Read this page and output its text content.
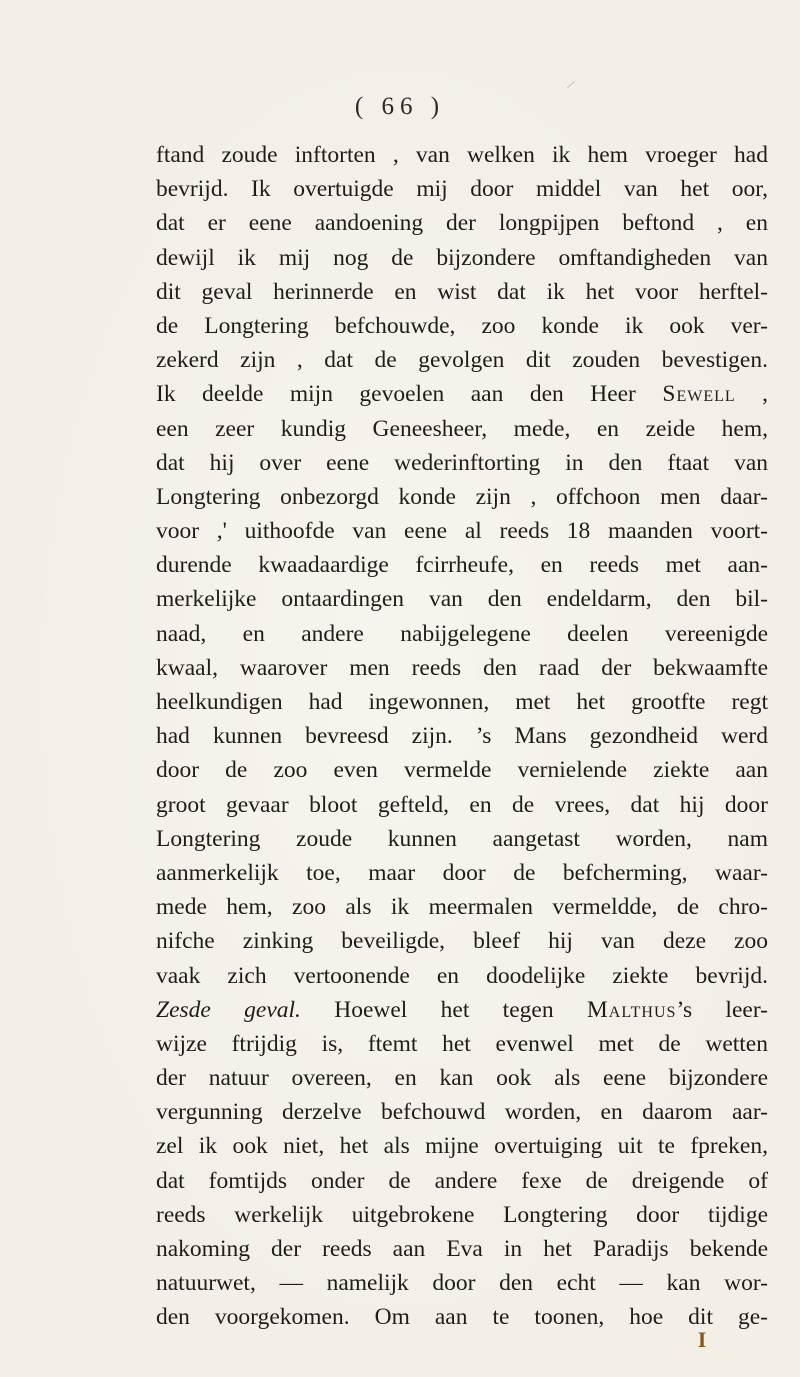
( 66 )
ftand zoude inftorten , van welken ik hem vroeger had
bevrijd. Ik overtuigde mij door middel van het oor,
dat er eene aandoening der longpijpen beftond , en
dewijl ik mij nog de bijzondere omftandigheden van
dit geval herinnerde en wist dat ik het voor herftel-
de Longtering befchouwde, zoo konde ik ook ver-
zekerd zijn , dat de gevolgen dit zouden bevestigen.
Ik deelde mijn gevoelen aan den Heer Sewell ,
een zeer kundig Geneesheer, mede, en zeide hem,
dat hij over eene wederinftorting in den ftaat van
Longtering onbezorgd konde zijn , offchoon men daar-
voor ,' uithoofde van eene al reeds 18 maanden voort-
durende kwaadaardige fcirrheufe, en reeds met aan-
merkelijke ontaardingen van den endeldarm, den bil-
naad, en andere nabijgelegene deelen vereenigde
kwaal, waarover men reeds den raad der bekwaamfte
heelkundigen had ingewonnen, met het grootfte regt
had kunnen bevreesd zijn. ’s Mans gezondheid werd
door de zoo even vermelde vernielende ziekte aan
groot gevaar bloot gefteld, en de vrees, dat hij door
Longtering zoude kunnen aangetast worden, nam
aanmerkelijk toe, maar door de befcherming, waar-
mede hem, zoo als ik meermalen vermeldde, de chro-
nifche zinking beveiligde, bleef hij van deze zoo
vaak zich vertoonende en doodelijke ziekte bevrijd.
Zesde geval. Hoewel het tegen Malthus’s leer-
wijze ftrijdig is, ftemt het evenwel met de wetten
der natuur overeen, en kan ook als eene bijzondere
vergunning derzelve befchouwd worden, en daarom aar-
zel ik ook niet, het als mijne overtuiging uit te fpreken,
dat fomtijds onder de andere fexe de dreigende of
reeds werkelijk uitgebrokene Longtering door tijdige
nakoming der reeds aan Eva in het Paradijs bekende
natuurwet, — namelijk door den echt — kan wor-
den voorgekomen. Om aan te toonen, hoe dit ge-
I
